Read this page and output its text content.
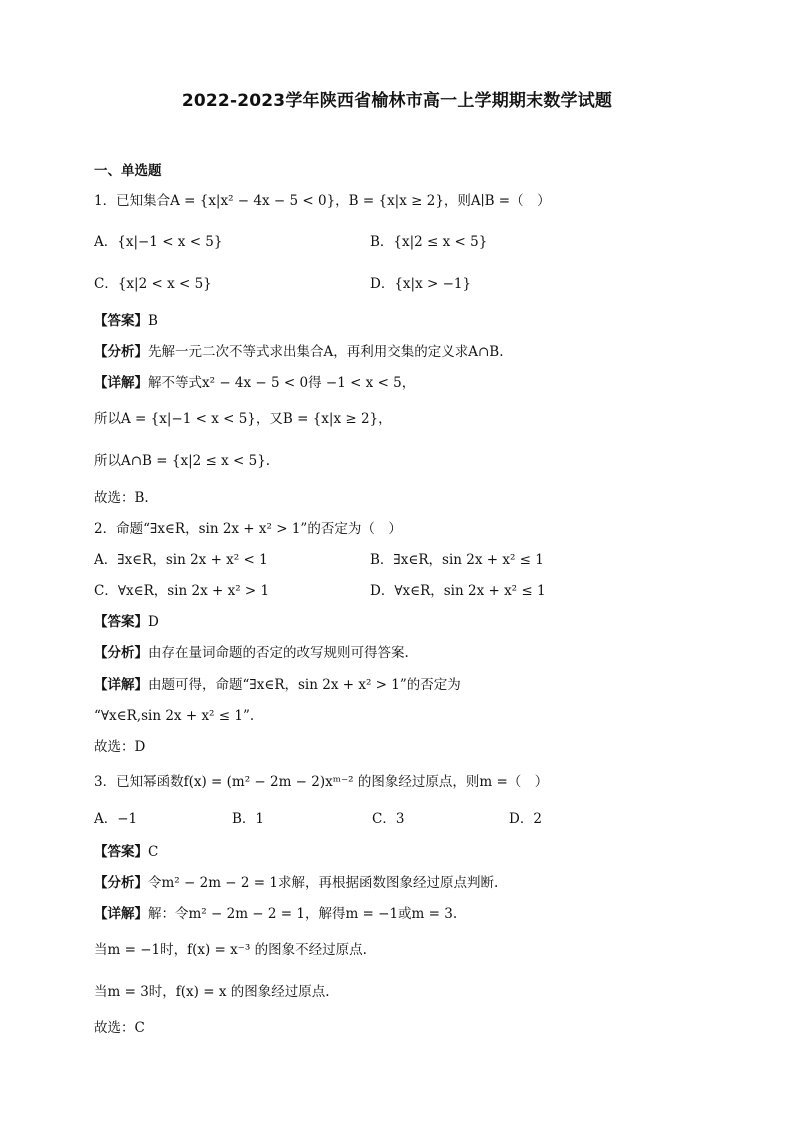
2022-2023学年陕西省榆林市高一上学期期末数学试题
一、单选题
1．已知集合A = {x|x² − 4x − 5 < 0}，B = {x|x ≥ 2}，则A∣B =（　）
A．{x|−1 < x < 5}	B．{x|2 ≤ x < 5}
C．{x|2 < x < 5}	D．{x|x > −1}
【答案】B
【分析】先解一元二次不等式求出集合A，再利用交集的定义求A∩B.
【详解】解不等式x² − 4x − 5 < 0得 −1 < x < 5，
所以A = {x|−1 < x < 5}，又B = {x|x ≥ 2}，
所以A∩B = {x|2 ≤ x < 5}.
故选：B.
2．命题“∃x∈R，sin 2x + x² > 1”的否定为（　）
A．∃x∈R，sin 2x + x² < 1	B．∃x∈R，sin 2x + x² ≤ 1
C．∀x∈R，sin 2x + x² > 1	D．∀x∈R，sin 2x + x² ≤ 1
【答案】D
【分析】由存在量词命题的否定的改写规则可得答案.
【详解】由题可得，命题“∃x∈R，sin 2x + x² > 1”的否定为
“∀x∈R,sin 2x + x² ≤ 1”.
故选：D
3．已知幂函数f(x) = (m² − 2m − 2)xᵐ⁻² 的图象经过原点，则m =（　）
A．−1	B．1	C．3	D．2
【答案】C
【分析】令m² − 2m − 2 = 1求解，再根据函数图象经过原点判断.
【详解】解：令m² − 2m − 2 = 1，解得m = −1或m = 3.
当m = −1时，f(x) = x⁻³ 的图象不经过原点.
当m = 3时，f(x) = x 的图象经过原点.
故选：C
